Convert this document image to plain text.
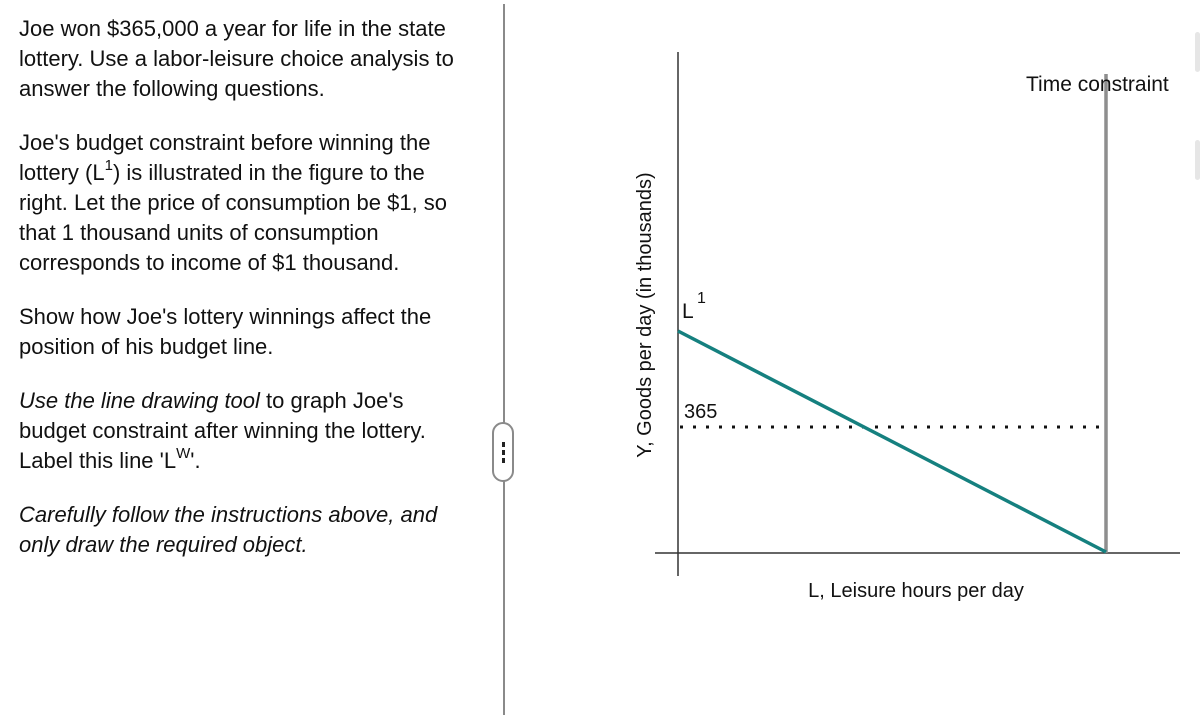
Joe won $365,000 a year for life in the state lottery. Use a labor-leisure choice analysis to answer the following questions.

Joe's budget constraint before winning the lottery $(L^1)$ is illustrated in the figure to the right. Let the price of consumption be $1, so that 1 thousand units of consumption corresponds to income of $1 thousand.

Show how Joe's lottery winnings affect the position of his budget line.

Use the line drawing tool to graph Joe's budget constraint after winning the lottery. Label this line '$L^W$'.

Carefully follow the instructions above, and only draw the required object.

Time constraint
365
L
1
L, Leisure hours per day
Y, Goods per day (in thousands)
